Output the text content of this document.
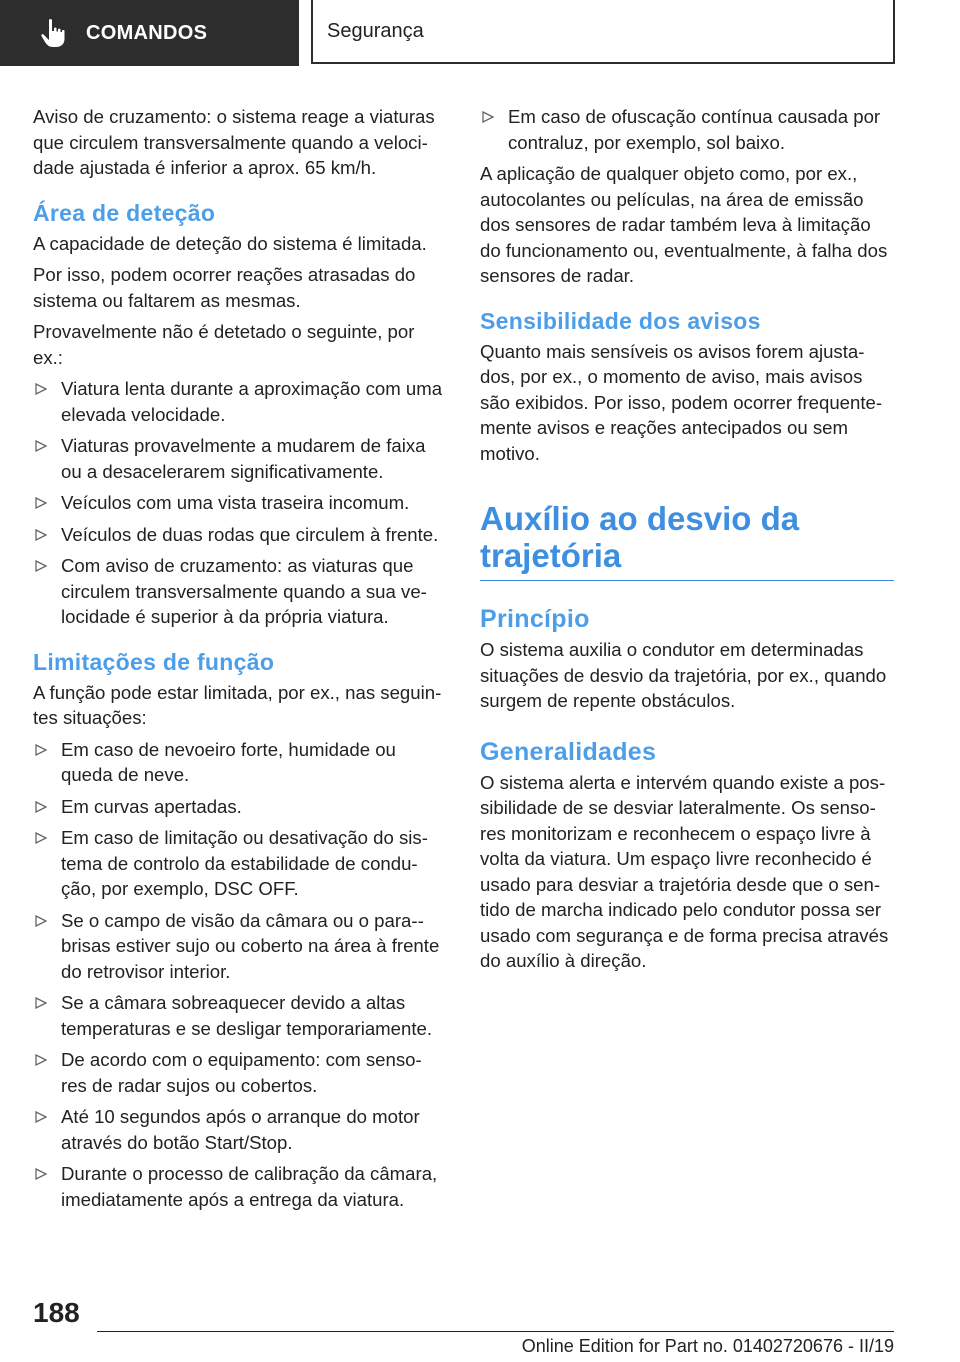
COMANDOS	Segurança

Aviso de cruzamento: o sistema reage a viaturas que circulem transversalmente quando a veloci-dade ajustada é inferior a aprox. 65 km/h.

Área de deteção

A capacidade de deteção do sistema é limitada.

Por isso, podem ocorrer reações atrasadas do sistema ou faltarem as mesmas.

Provavelmente não é detetado o seguinte, por ex.:

Viatura lenta durante a aproximação com uma elevada velocidade.
Viaturas provavelmente a mudarem de faixa ou a desacelerarem significativamente.
Veículos com uma vista traseira incomum.
Veículos de duas rodas que circulem à frente.
Com aviso de cruzamento: as viaturas que circulem transversalmente quando a sua ve-locidade é superior à da própria viatura.
Limitações de função

A função pode estar limitada, por ex., nas seguin-tes situações:

Em caso de nevoeiro forte, humidade ou queda de neve.
Em curvas apertadas.
Em caso de limitação ou desativação do sis-tema de controlo da estabilidade de condu-ção, por exemplo, DSC OFF.
Se o campo de visão da câmara ou o para--brisas estiver sujo ou coberto na área à frente do retrovisor interior.
Se a câmara sobreaquecer devido a altas temperaturas e se desligar temporariamente.
De acordo com o equipamento: com senso-res de radar sujos ou cobertos.
Até 10 segundos após o arranque do motor através do botão Start/Stop.
Durante o processo de calibração da câmara, imediatamente após a entrega da viatura.
Em caso de ofuscação contínua causada por contraluz, por exemplo, sol baixo.

A aplicação de qualquer objeto como, por ex., autocolantes ou películas, na área de emissão dos sensores de radar também leva à limitação do funcionamento ou, eventualmente, à falha dos sensores de radar.

Sensibilidade dos avisos

Quanto mais sensíveis os avisos forem ajusta-dos, por ex., o momento de aviso, mais avisos são exibidos. Por isso, podem ocorrer frequente-mente avisos e reações antecipados ou sem motivo.

Auxílio ao desvio da trajetória
Princípio

O sistema auxilia o condutor em determinadas situações de desvio da trajetória, por ex., quando surgem de repente obstáculos.

Generalidades

O sistema alerta e intervém quando existe a pos-sibilidade de se desviar lateralmente. Os senso-res monitorizam e reconhecem o espaço livre à volta da viatura. Um espaço livre reconhecido é usado para desviar a trajetória desde que o sen-tido de marcha indicado pelo condutor possa ser usado com segurança e de forma precisa através do auxílio à direção.

188
Online Edition for Part no. 01402720676 - II/19
